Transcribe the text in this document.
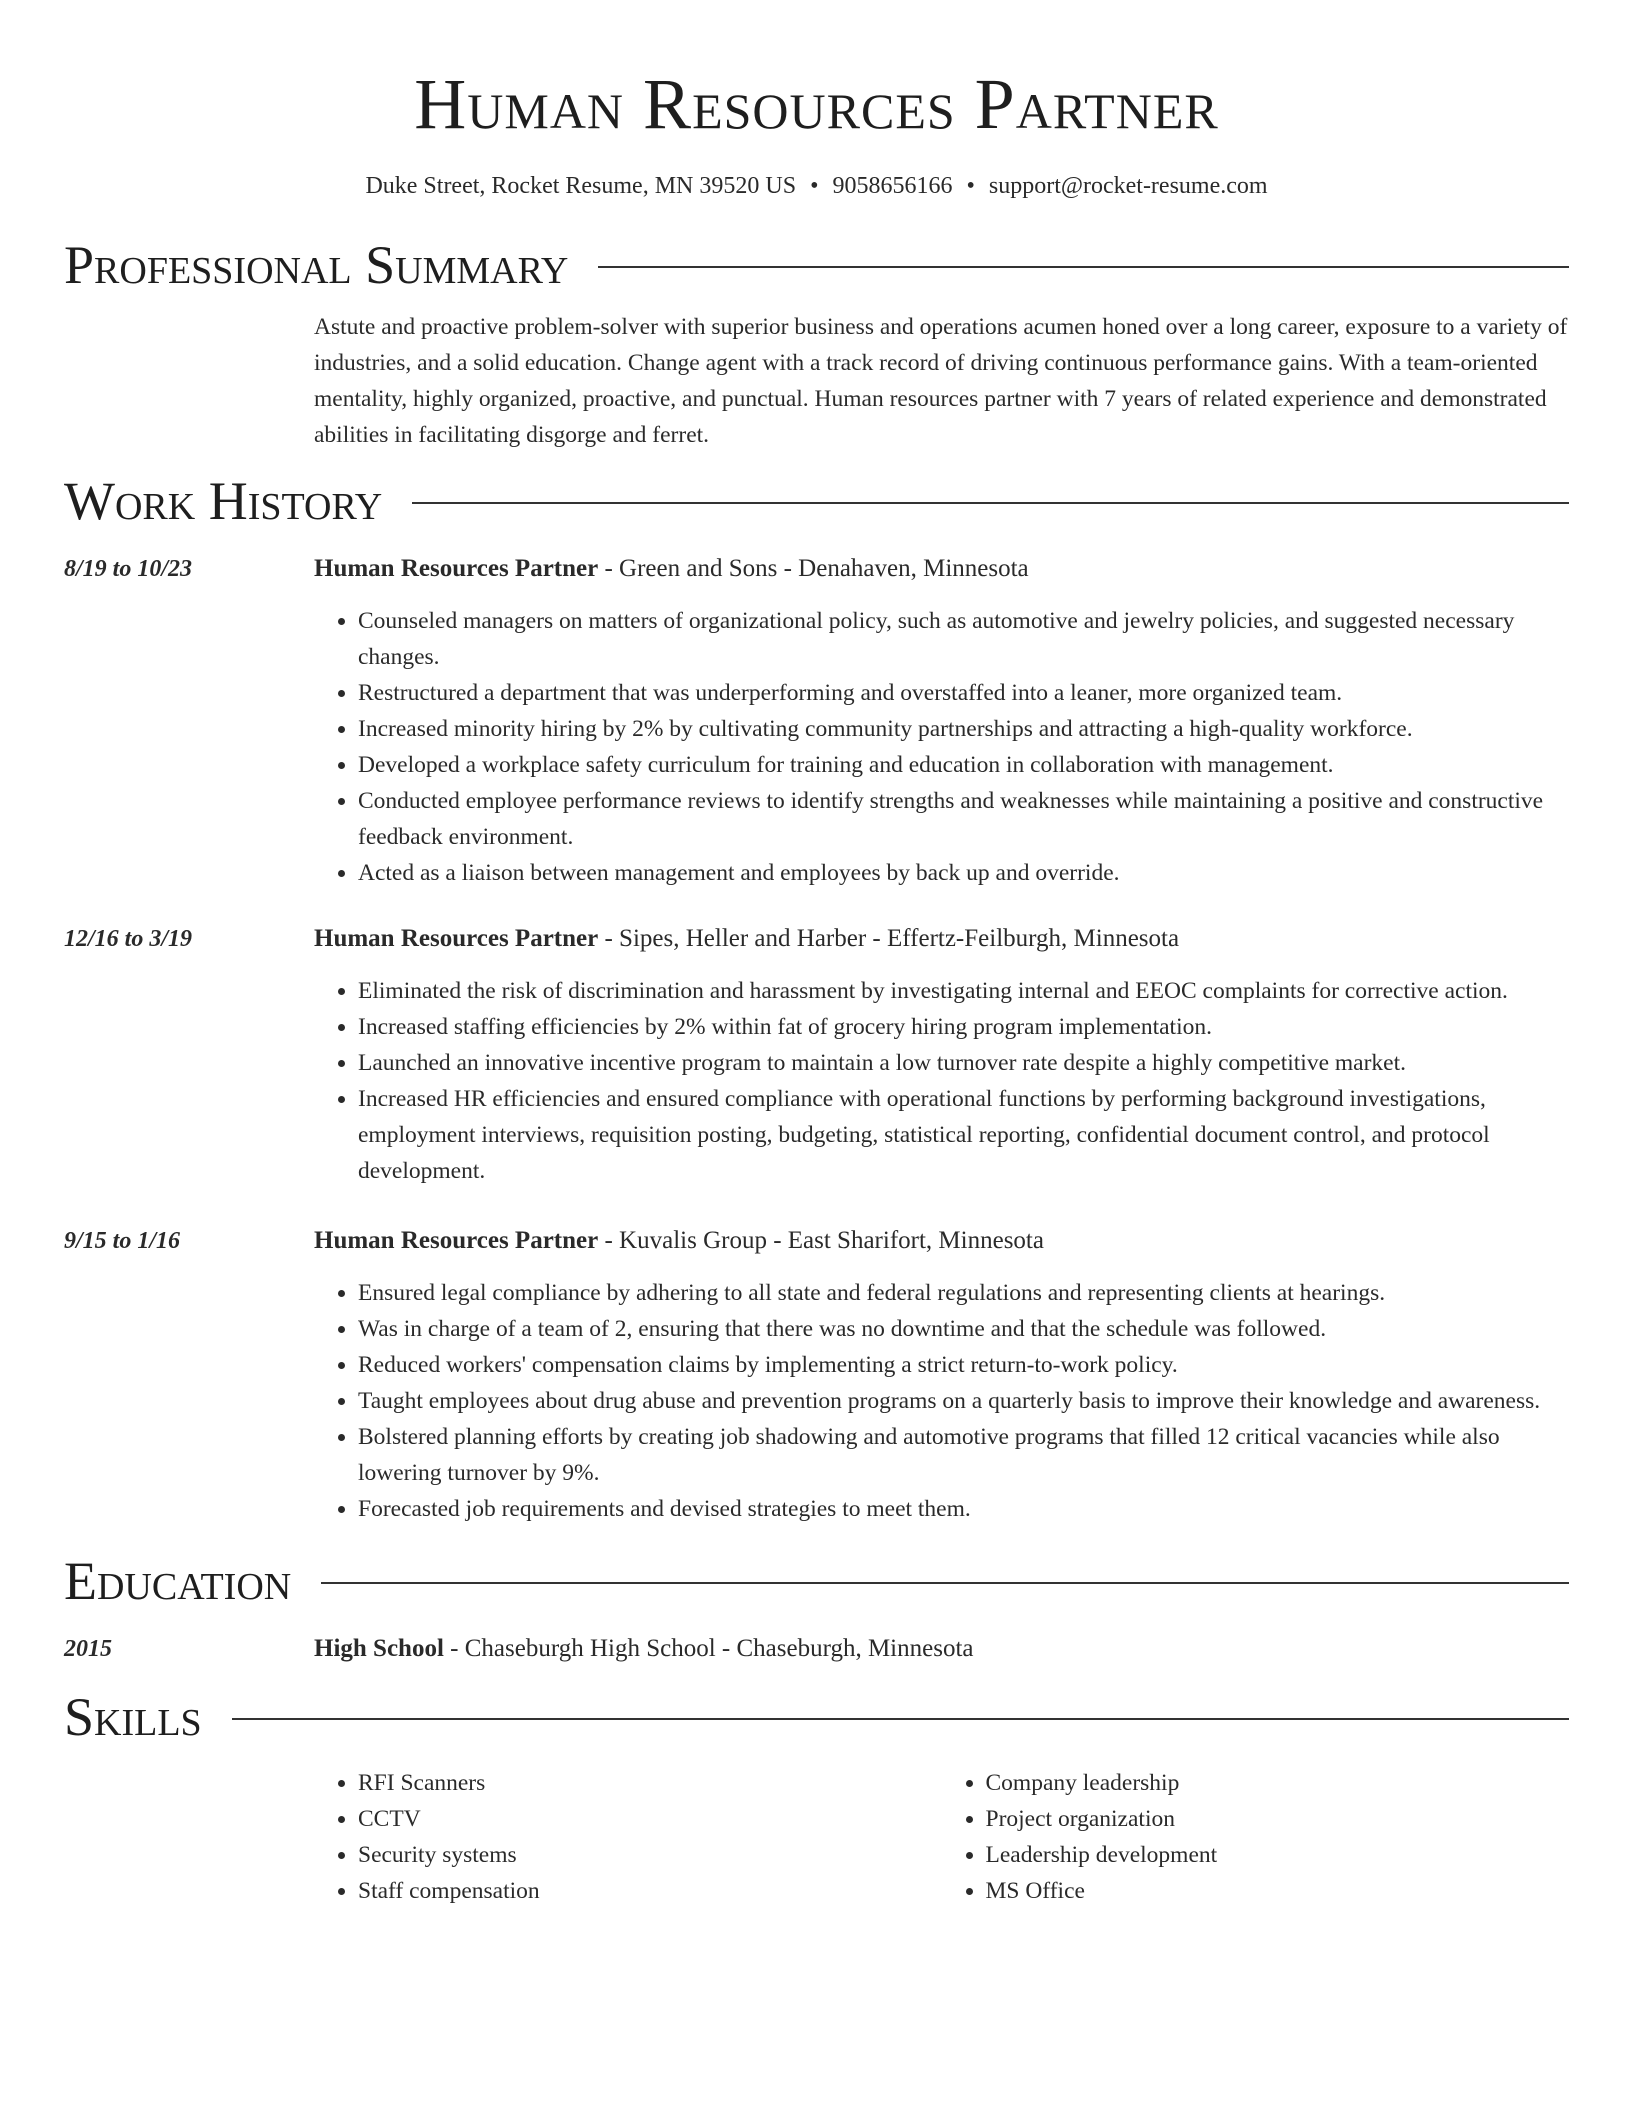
Human Resources Partner
Duke Street, Rocket Resume, MN 39520 US • 9058656166 • support@rocket-resume.com
Professional Summary
Astute and proactive problem-solver with superior business and operations acumen honed over a long career, exposure to a variety of industries, and a solid education. Change agent with a track record of driving continuous performance gains. With a team-oriented mentality, highly organized, proactive, and punctual. Human resources partner with 7 years of related experience and demonstrated abilities in facilitating disgorge and ferret.
Work History
8/19 to 10/23	Human Resources Partner - Green and Sons - Denahaven, Minnesota
• Counseled managers on matters of organizational policy, such as automotive and jewelry policies, and suggested necessary changes.
• Restructured a department that was underperforming and overstaffed into a leaner, more organized team.
• Increased minority hiring by 2% by cultivating community partnerships and attracting a high-quality workforce.
• Developed a workplace safety curriculum for training and education in collaboration with management.
• Conducted employee performance reviews to identify strengths and weaknesses while maintaining a positive and constructive feedback environment.
• Acted as a liaison between management and employees by back up and override.
12/16 to 3/19	Human Resources Partner - Sipes, Heller and Harber - Effertz-Feilburgh, Minnesota
• Eliminated the risk of discrimination and harassment by investigating internal and EEOC complaints for corrective action.
• Increased staffing efficiencies by 2% within fat of grocery hiring program implementation.
• Launched an innovative incentive program to maintain a low turnover rate despite a highly competitive market.
• Increased HR efficiencies and ensured compliance with operational functions by performing background investigations, employment interviews, requisition posting, budgeting, statistical reporting, confidential document control, and protocol development.
9/15 to 1/16	Human Resources Partner - Kuvalis Group - East Sharifort, Minnesota
• Ensured legal compliance by adhering to all state and federal regulations and representing clients at hearings.
• Was in charge of a team of 2, ensuring that there was no downtime and that the schedule was followed.
• Reduced workers' compensation claims by implementing a strict return-to-work policy.
• Taught employees about drug abuse and prevention programs on a quarterly basis to improve their knowledge and awareness.
• Bolstered planning efforts by creating job shadowing and automotive programs that filled 12 critical vacancies while also lowering turnover by 9%.
• Forecasted job requirements and devised strategies to meet them.
Education
2015	High School - Chaseburgh High School - Chaseburgh, Minnesota
Skills
• RFI Scanners
• CCTV
• Security systems
• Staff compensation
• Company leadership
• Project organization
• Leadership development
• MS Office
